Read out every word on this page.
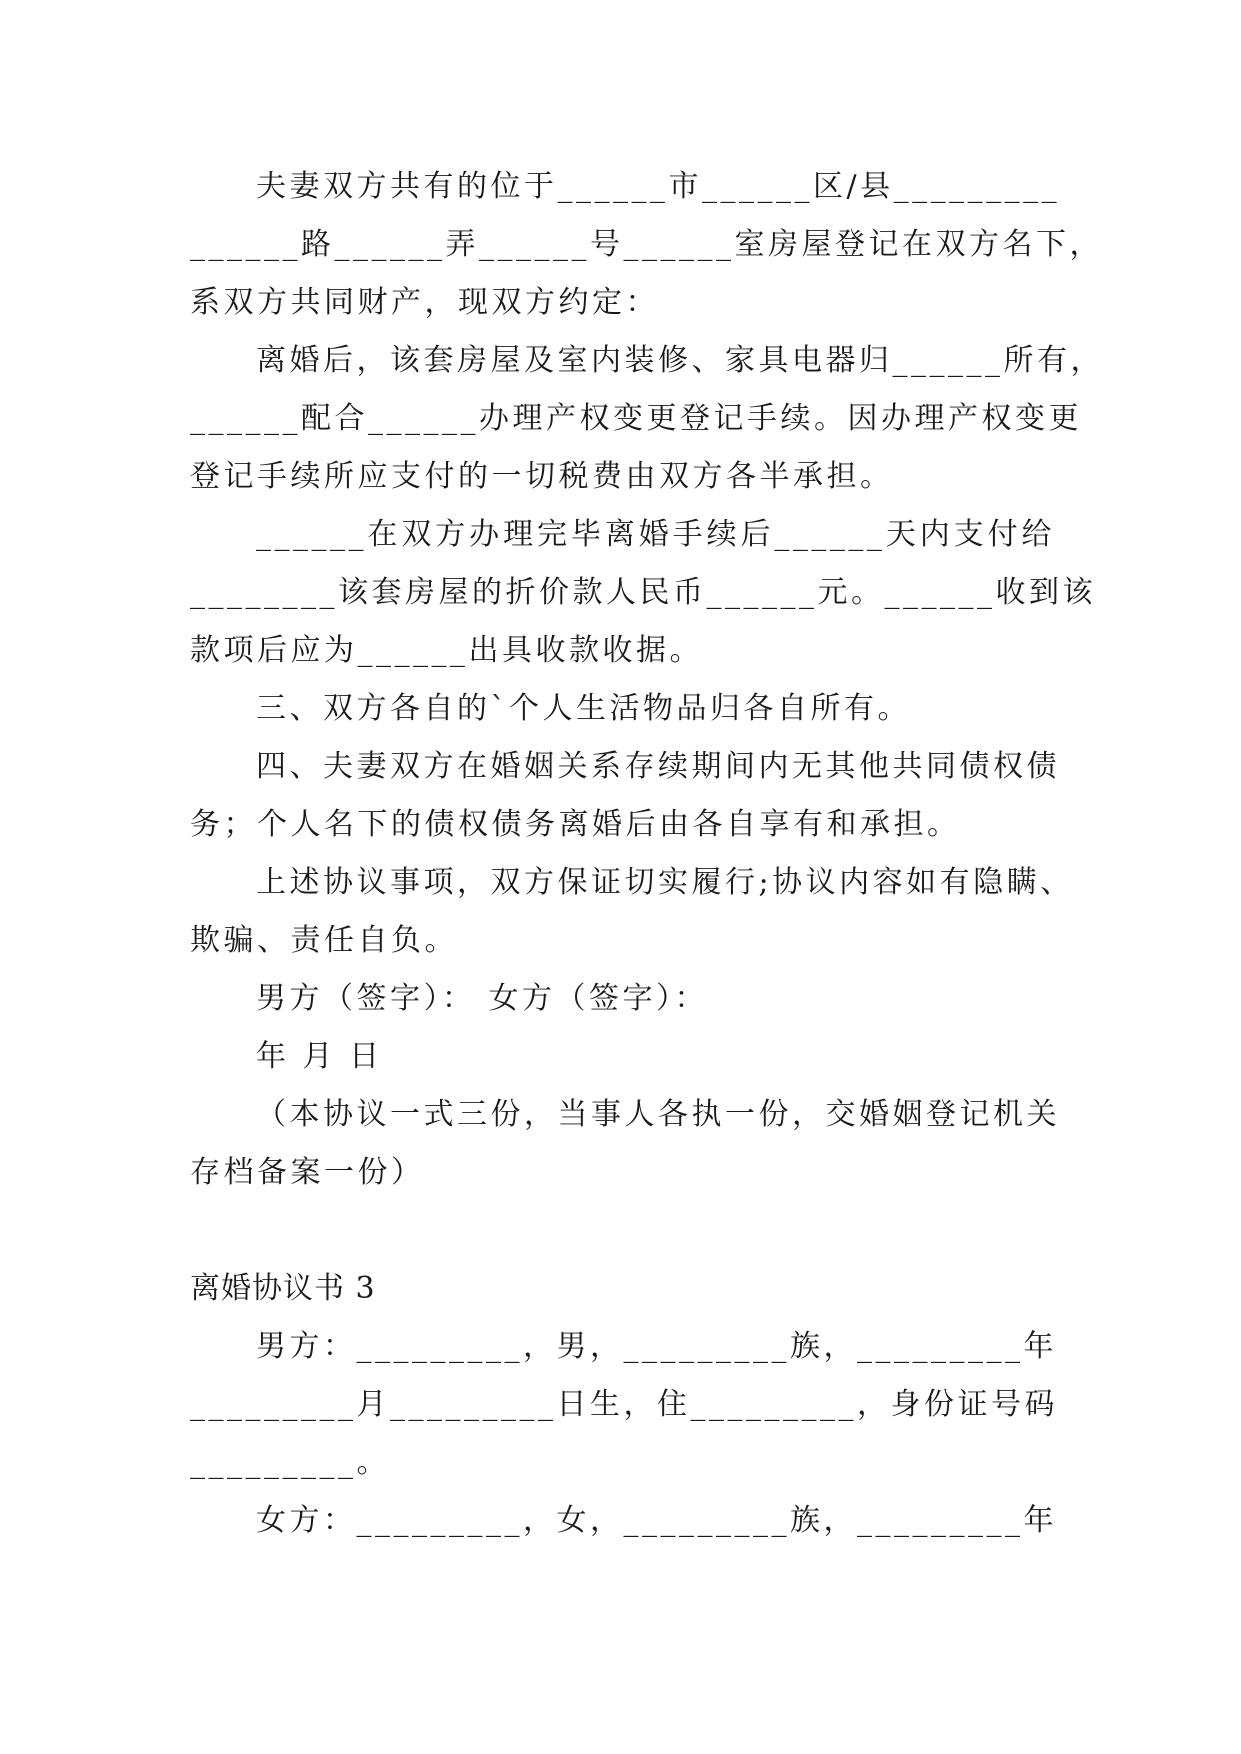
夫妻双方共有的位于______市______区/县_________
______路______弄______号______室房屋登记在双方名下，
系双方共同财产，现双方约定：
离婚后，该套房屋及室内装修、家具电器归______所有，
______配合______办理产权变更登记手续。因办理产权变更
登记手续所应支付的一切税费由双方各半承担。
______在双方办理完毕离婚手续后______天内支付给
________该套房屋的折价款人民币______元。______收到该
款项后应为______出具收款收据。
三、双方各自的`个人生活物品归各自所有。
四、夫妻双方在婚姻关系存续期间内无其他共同债权债
务；个人名下的债权债务离婚后由各自享有和承担。
上述协议事项，双方保证切实履行;协议内容如有隐瞒、
欺骗、责任自负。
男方（签字）： 女方（签字）：
年 月 日
（本协议一式三份，当事人各执一份，交婚姻登记机关
存档备案一份）
离婚协议书 3
男方：_________，男，_________族，_________年
_________月_________日生，住_________，身份证号码
_________。
女方：_________，女，_________族，_________年
